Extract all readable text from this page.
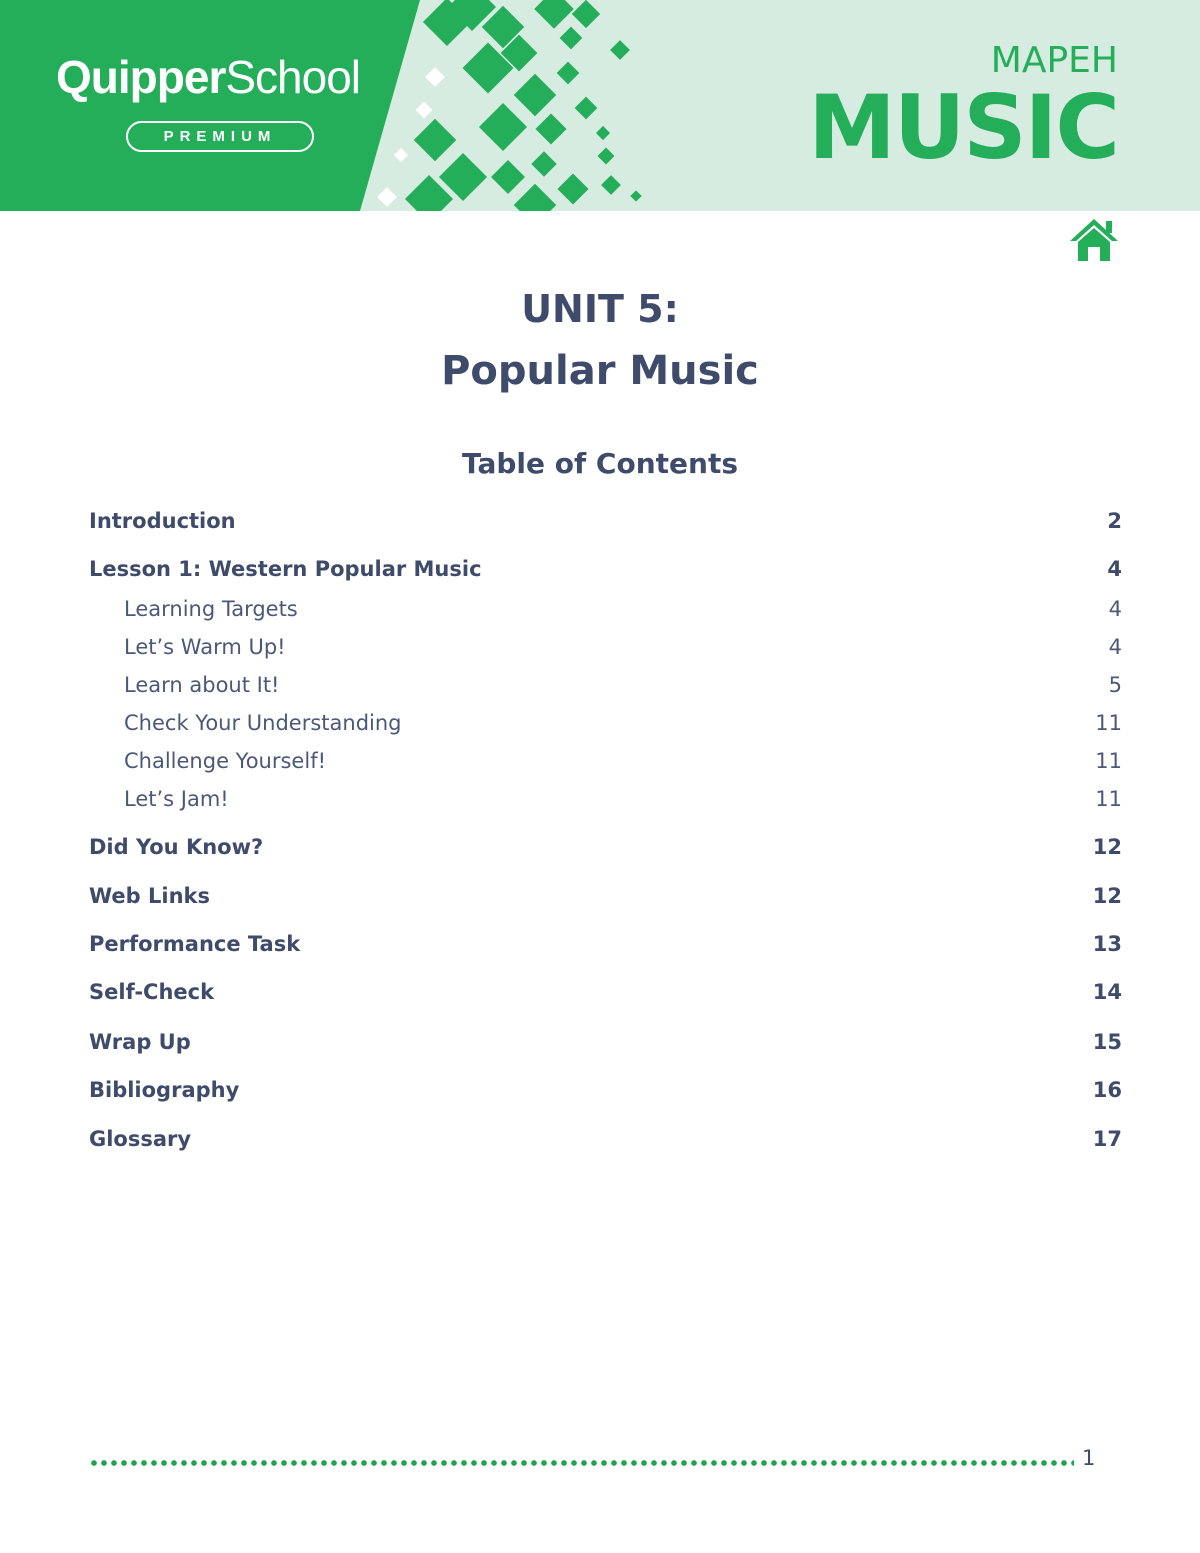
QuipperSchool
PREMIUM
MAPEH
MUSIC
UNIT 5:
Popular Music
Table of Contents
Introduction	2
Lesson 1: Western Popular Music	4
Learning Targets	4
Let’s Warm Up!	4
Learn about It!	5
Check Your Understanding	11
Challenge Yourself!	11
Let’s Jam!	11
Did You Know?	12
Web Links	12
Performance Task	13
Self-Check	14
Wrap Up	15
Bibliography	16
Glossary	17
1
